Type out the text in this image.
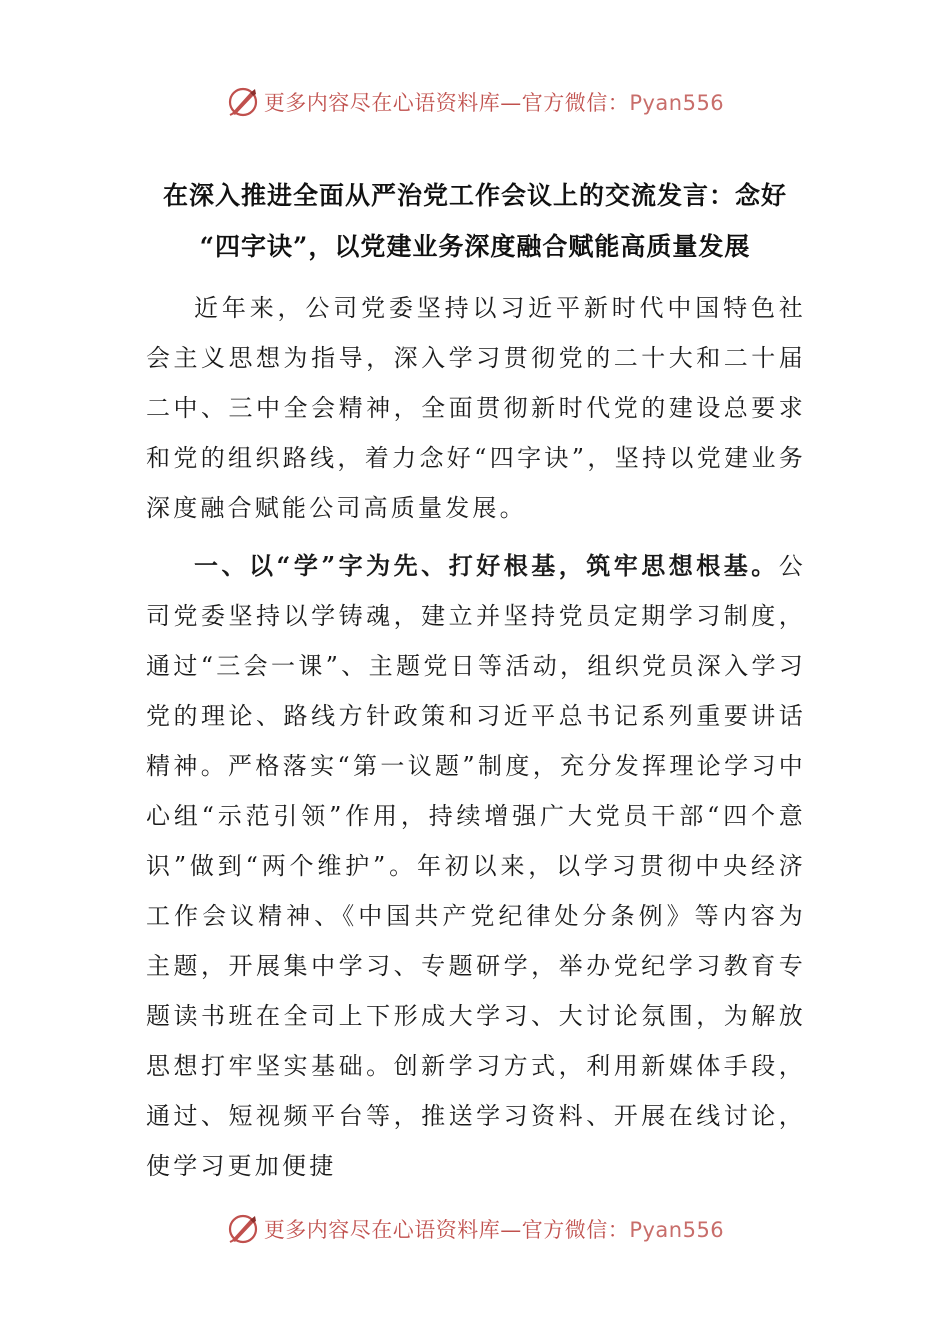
更多内容尽在心语资料库—官方微信：Pyan556
在深入推进全面从严治党工作会议上的交流发言：念好
“四字诀”，以党建业务深度融合赋能高质量发展

近年来，公司党委坚持以习近平新时代中国特色社会主义思想为指导，深入学习贯彻党的二十大和二十届二中、三中全会精神，全面贯彻新时代党的建设总要求和党的组织路线，着力念好“四字诀”，坚持以党建业务深度融合赋能公司高质量发展。

一、以“学”字为先、打好根基，筑牢思想根基。公司党委坚持以学铸魂，建立并坚持党员定期学习制度，通过“三会一课”、主题党日等活动，组织党员深入学习党的理论、路线方针政策和习近平总书记系列重要讲话精神。严格落实“第一议题”制度，充分发挥理论学习中心组“示范引领”作用，持续增强广大党员干部“四个意识”做到“两个维护”。年初以来，以学习贯彻中央经济工作会议精神、《中国共产党纪律处分条例》等内容为主题，开展集中学习、专题研学，举办党纪学习教育专题读书班在全司上下形成大学习、大讨论氛围，为解放思想打牢坚实基础。创新学习方式，利用新媒体手段，通过、短视频平台等，推送学习资料、开展在线讨论，使学习更加便捷

更多内容尽在心语资料库—官方微信：Pyan556
